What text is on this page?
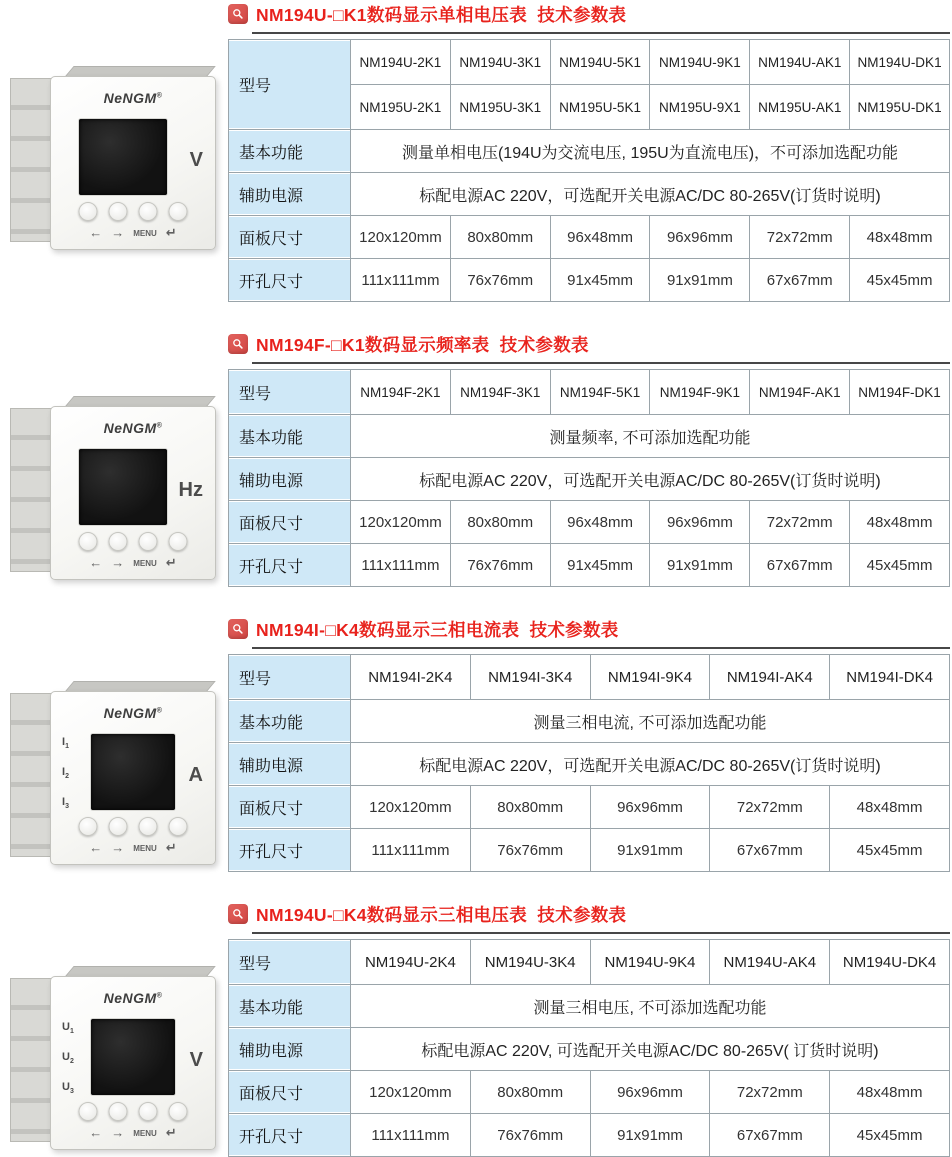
NeNGM®
V
← → MENU ↵
NM194U-□K1数码显示单相电压表  技术参数表
型号	NM194U-2K1	NM194U-3K1	NM194U-5K1	NM194U-9K1	NM194U-AK1	NM194U-DK1
	NM195U-2K1	NM195U-3K1	NM195U-5K1	NM195U-9X1	NM195U-AK1	NM195U-DK1
基本功能	测量单相电压(194U为交流电压, 195U为直流电压)，不可添加选配功能					
辅助电源	标配电源AC 220V，可选配开关电源AC/DC 80-265V(订货时说明)					
面板尺寸	120x120mm	80x80mm	96x48mm	96x96mm	72x72mm	48x48mm
开孔尺寸	111x111mm	76x76mm	91x45mm	91x91mm	67x67mm	45x45mm
NeNGM®
Hz
← → MENU ↵
NM194F-□K1数码显示频率表  技术参数表
型号	NM194F-2K1	NM194F-3K1	NM194F-5K1	NM194F-9K1	NM194F-AK1	NM194F-DK1
基本功能	测量频率, 不可添加选配功能					
辅助电源	标配电源AC 220V，可选配开关电源AC/DC 80-265V(订货时说明)					
面板尺寸	120x120mm	80x80mm	96x48mm	96x96mm	72x72mm	48x48mm
开孔尺寸	111x111mm	76x76mm	91x45mm	91x91mm	67x67mm	45x45mm
NeNGM®
$I_1$
$I_2$
$I_3$
A
← → MENU ↵
NM194I-□K4数码显示三相电流表  技术参数表
型号	NM194I-2K4	NM194I-3K4	NM194I-9K4	NM194I-AK4	NM194I-DK4
基本功能	测量三相电流, 不可添加选配功能				
辅助电源	标配电源AC 220V，可选配开关电源AC/DC 80-265V(订货时说明)				
面板尺寸	120x120mm	80x80mm	96x96mm	72x72mm	48x48mm
开孔尺寸	111x111mm	76x76mm	91x91mm	67x67mm	45x45mm
NeNGM®
$U_1$
$U_2$
$U_3$
V
← → MENU ↵
NM194U-□K4数码显示三相电压表  技术参数表
型号	NM194U-2K4	NM194U-3K4	NM194U-9K4	NM194U-AK4	NM194U-DK4
基本功能	测量三相电压, 不可添加选配功能				
辅助电源	标配电源AC 220V, 可选配开关电源AC/DC 80-265V( 订货时说明)				
面板尺寸	120x120mm	80x80mm	96x96mm	72x72mm	48x48mm
开孔尺寸	111x111mm	76x76mm	91x91mm	67x67mm	45x45mm
